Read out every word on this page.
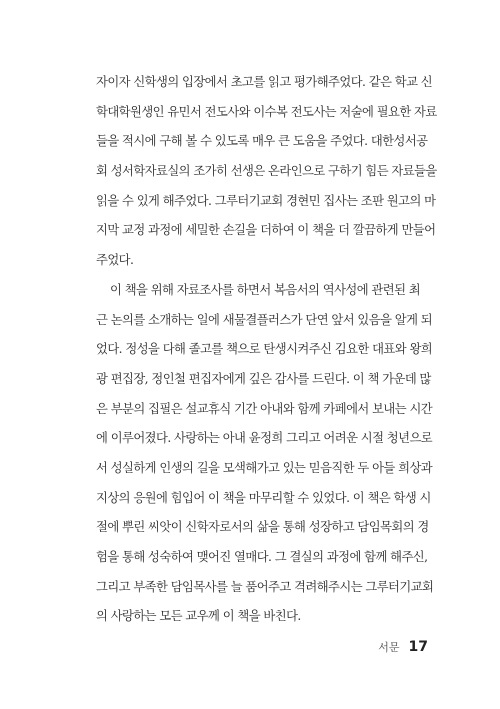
자이자 신학생의 입장에서 초고를 읽고 평가해주었다. 같은 학교 신
학대학원생인 유민서 전도사와 이수복 전도사는 저술에 필요한 자료
들을 적시에 구해 볼 수 있도록 매우 큰 도움을 주었다. 대한성서공
회 성서학자료실의 조가히 선생은 온라인으로 구하기 힘든 자료들을
읽을 수 있게 해주었다. 그루터기교회 경현민 집사는 조판 원고의 마
지막 교정 과정에 세밀한 손길을 더하여 이 책을 더 깔끔하게 만들어
주었다.
이 책을 위해 자료조사를 하면서 복음서의 역사성에 관련된 최
근 논의를 소개하는 일에 새물결플러스가 단연 앞서 있음을 알게 되
었다. 정성을 다해 졸고를 책으로 탄생시켜주신 김요한 대표와 왕희
광 편집장, 정인철 편집자에게 깊은 감사를 드린다. 이 책 가운데 많
은 부분의 집필은 설교휴식 기간 아내와 함께 카페에서 보내는 시간
에 이루어졌다. 사랑하는 아내 윤정희 그리고 어려운 시절 청년으로
서 성실하게 인생의 길을 모색해가고 있는 믿음직한 두 아들 희상과
지상의 응원에 힘입어 이 책을 마무리할 수 있었다. 이 책은 학생 시
절에 뿌린 씨앗이 신학자로서의 삶을 통해 성장하고 담임목회의 경
험을 통해 성숙하여 맺어진 열매다. 그 결실의 과정에 함께 해주신,
그리고 부족한 담임목사를 늘 품어주고 격려해주시는 그루터기교회
의 사랑하는 모든 교우께 이 책을 바친다.
서문 17
